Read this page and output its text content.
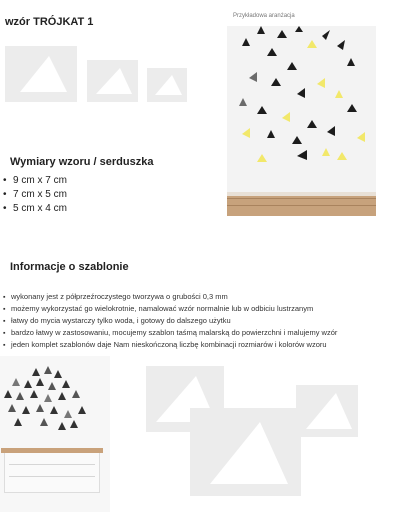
wzór TRÓJKAT 1	Przykładowa aranżacja
Wymiary wzoru / serduszka
• 9 cm x 7 cm
• 7 cm x 5 cm
• 5 cm x 4 cm
Informacje o szablonie
▪ wykonany jest z półprzeźroczystego tworzywa o grubości 0,3 mm
▪ możemy wykorzystać go wielokrotnie, namalować wzór normalnie lub w odbiciu lustrzanym
▪ łatwy do mycia wystarczy tylko woda, i gotowy do dalszego użytku
▪ bardzo łatwy w zastosowaniu, mocujemy szablon taśmą malarską do powierzchni i malujemy wzór
▪ jeden komplet szablonów daje Nam nieskończoną liczbę kombinacji rozmiarów i kolorów wzoru
